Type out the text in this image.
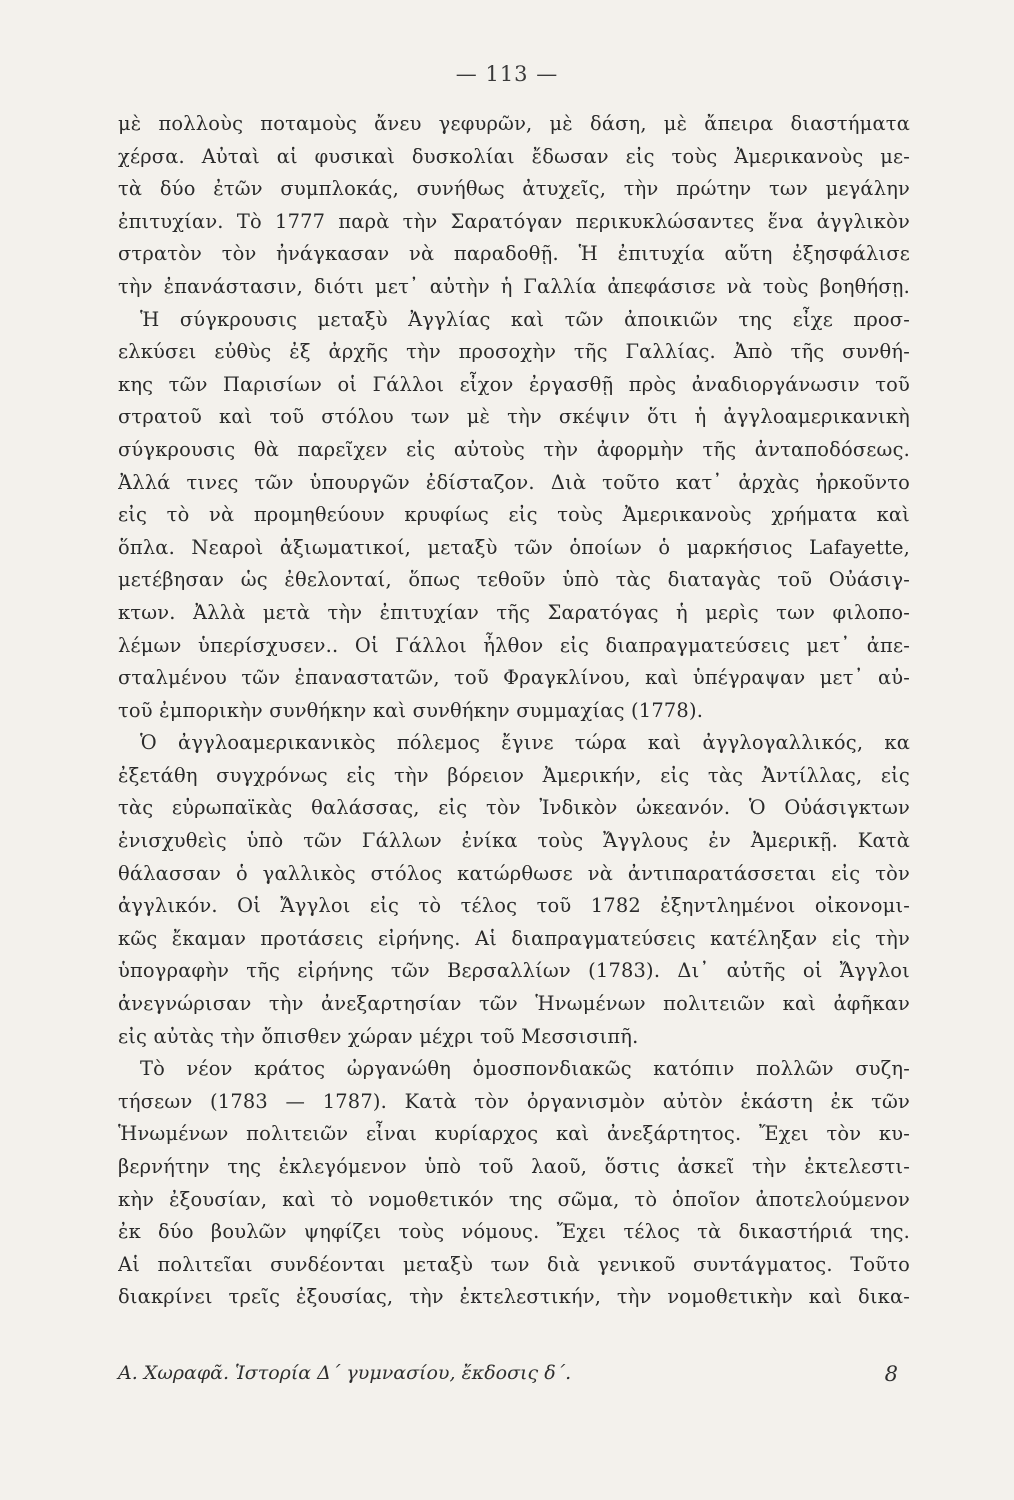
— 113 —
μὲ πολλοὺς ποταμοὺς ἄνευ γεφυρῶν, μὲ δάση, μὲ ἄπειρα διαστήματα
χέρσα. Αὐταὶ αἱ φυσικαὶ δυσκολίαι ἔδωσαν εἰς τοὺς Ἀμερικανοὺς με-
τὰ δύο ἐτῶν συμπλοκάς, συνήθως ἀτυχεῖς, τὴν πρώτην των μεγάλην
ἐπιτυχίαν. Τὸ 1777 παρὰ τὴν Σαρατόγαν περικυκλώσαντες ἕνα ἀγγλικὸν
στρατὸν τὸν ἠνάγκασαν νὰ παραδοθῇ. Ἡ ἐπιτυχία αὕτη ἐξησφάλισε
τὴν ἐπανάστασιν, διότι μετ᾽ αὐτὴν ἡ Γαλλία ἀπεφάσισε νὰ τοὺς βοηθήσῃ.
Ἡ σύγκρουσις μεταξὺ Ἀγγλίας καὶ τῶν ἀποικιῶν της εἶχε προσ-
ελκύσει εὐθὺς ἐξ ἀρχῆς τὴν προσοχὴν τῆς Γαλλίας. Ἀπὸ τῆς συνθή-
κης τῶν Παρισίων οἱ Γάλλοι εἶχον ἐργασθῇ πρὸς ἀναδιοργάνωσιν τοῦ
στρατοῦ καὶ τοῦ στόλου των μὲ τὴν σκέψιν ὅτι ἡ ἀγγλοαμερικανικὴ
σύγκρουσις θὰ παρεῖχεν εἰς αὐτοὺς τὴν ἀφορμὴν τῆς ἀνταποδόσεως.
Ἀλλά τινες τῶν ὑπουργῶν ἐδίσταζον. Διὰ τοῦτο κατ᾽ ἀρχὰς ἠρκοῦντο
εἰς τὸ νὰ προμηθεύουν κρυφίως εἰς τοὺς Ἀμερικανοὺς χρήματα καὶ
ὅπλα. Νεαροὶ ἀξιωματικοί, μεταξὺ τῶν ὁποίων ὁ μαρκήσιος Lafayette,
μετέβησαν ὡς ἐθελονταί, ὅπως τεθοῦν ὑπὸ τὰς διαταγὰς τοῦ Οὐάσιγ-
κτων. Ἀλλὰ μετὰ τὴν ἐπιτυχίαν τῆς Σαρατόγας ἡ μερὶς των φιλοπο-
λέμων ὑπερίσχυσεν.. Οἱ Γάλλοι ἦλθον εἰς διαπραγματεύσεις μετ᾽ ἀπε-
σταλμένου τῶν ἐπαναστατῶν, τοῦ Φραγκλίνου, καὶ ὑπέγραψαν μετ᾽ αὐ-
τοῦ ἐμπορικὴν συνθήκην καὶ συνθήκην συμμαχίας (1778).
Ὁ ἀγγλοαμερικανικὸς πόλεμος ἔγινε τώρα καὶ ἀγγλογαλλικός, κα
ἐξετάθη συγχρόνως εἰς τὴν βόρειον Ἀμερικήν, εἰς τὰς Ἀντίλλας, εἰς
τὰς εὐρωπαϊκὰς θαλάσσας, εἰς τὸν Ἰνδικὸν ὠκεανόν. Ὁ Οὐάσιγκτων
ἐνισχυθεὶς ὑπὸ τῶν Γάλλων ἐνίκα τοὺς Ἄγγλους ἐν Ἀμερικῇ. Κατὰ
θάλασσαν ὁ γαλλικὸς στόλος κατώρθωσε νὰ ἀντιπαρατάσσεται εἰς τὸν
ἀγγλικόν. Οἱ Ἄγγλοι εἰς τὸ τέλος τοῦ 1782 ἐξηντλημένοι οἰκονομι-
κῶς ἔκαμαν προτάσεις εἰρήνης. Αἱ διαπραγματεύσεις κατέληξαν εἰς τὴν
ὑπογραφὴν τῆς εἰρήνης τῶν Βερσαλλίων (1783). Δι᾽ αὐτῆς οἱ Ἄγγλοι
ἀνεγνώρισαν τὴν ἀνεξαρτησίαν τῶν Ἡνωμένων πολιτειῶν καὶ ἀφῆκαν
εἰς αὐτὰς τὴν ὄπισθεν χώραν μέχρι τοῦ Μεσσισιπῆ.
Τὸ νέον κράτος ὠργανώθη ὁμοσπονδιακῶς κατόπιν πολλῶν συζη-
τήσεων (1783 — 1787). Κατὰ τὸν ὀργανισμὸν αὐτὸν ἑκάστη ἐκ τῶν
Ἡνωμένων πολιτειῶν εἶναι κυρίαρχος καὶ ἀνεξάρτητος. Ἔχει τὸν κυ-
βερνήτην της ἐκλεγόμενον ὑπὸ τοῦ λαοῦ, ὅστις ἀσκεῖ τὴν ἐκτελεστι-
κὴν ἐξουσίαν, καὶ τὸ νομοθετικόν της σῶμα, τὸ ὁποῖον ἀποτελούμενον
ἐκ δύο βουλῶν ψηφίζει τοὺς νόμους. Ἔχει τέλος τὰ δικαστήριά της.
Αἱ πολιτεῖαι συνδέονται μεταξὺ των διὰ γενικοῦ συντάγματος. Τοῦτο
διακρίνει τρεῖς ἐξουσίας, τὴν ἐκτελεστικήν, τὴν νομοθετικὴν καὶ δικα-
Α. Χωραφᾶ. Ἱστορία Δ΄ γυμνασίου, ἔκδοσις δ΄.	8
